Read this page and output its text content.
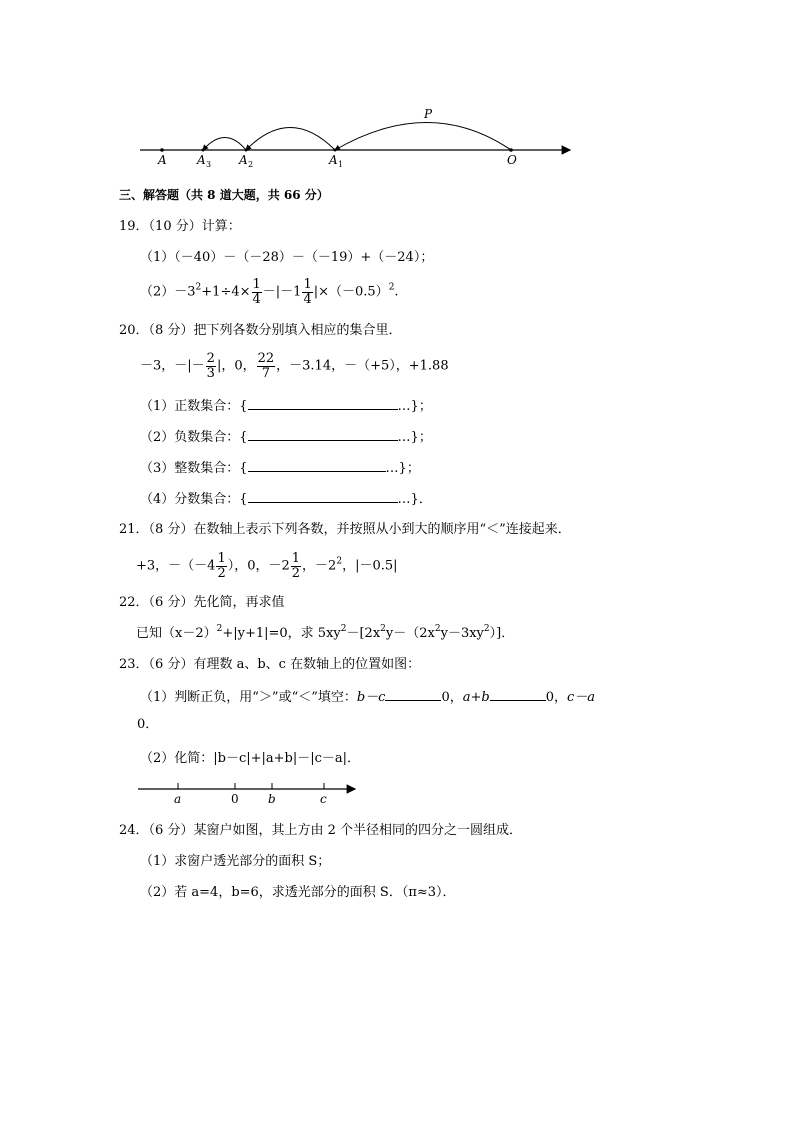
P
A	A 3 A 2	A 1	O
三、解答题（共 8 道大题，共 66 分）
19．（10 分）计算：
（1）（－40）－（－28）－（－19）+（－24）；
$(2)-3^2+1\div 4\times \frac{1}{4} -|-1 \frac{1}{4} |\times(-0.5)^2$.
20．（8 分）把下列各数分别填入相应的集合里．
－3，－|－ $\frac{2}{3}$ |，0， $\frac{22}{7}$ ，－3.14，－（+5），+1.88
（1）正数集合：{	…}；
（2）负数集合：{	…}；
（3）整数集合：{	…}；
（4）分数集合：{	…}．
21．（8 分）在数轴上表示下列各数，并按照从小到大的顺序用“＜”连接起来．
+3，$-(-4 \frac{1}{2}$ ），0，$-2 \frac{1}{2}$ ，$-2^2$，|－0.5|
22．（6 分）先化简，再求值
已知$(x-2)^2+|y+1|=0$，求 $5xy^2-[2x^2y-(2x^2y-3xy^2)]$．
23．（6 分）有理数 a、b、c 在数轴上的位置如图：
（1）判断正负，用“＞”或“＜”填空：b－c	0，a+b	0，c－a
0．
（2）化简：|b－c|+|a+b|－|c－a|．
a	0 b	c
24．（6 分）某窗户如图，其上方由 2 个半径相同的四分之一圆组成．
（1）求窗户透光部分的面积 S；
（2）若 a=4，b=6，求透光部分的面积 S．（π≈3）．
